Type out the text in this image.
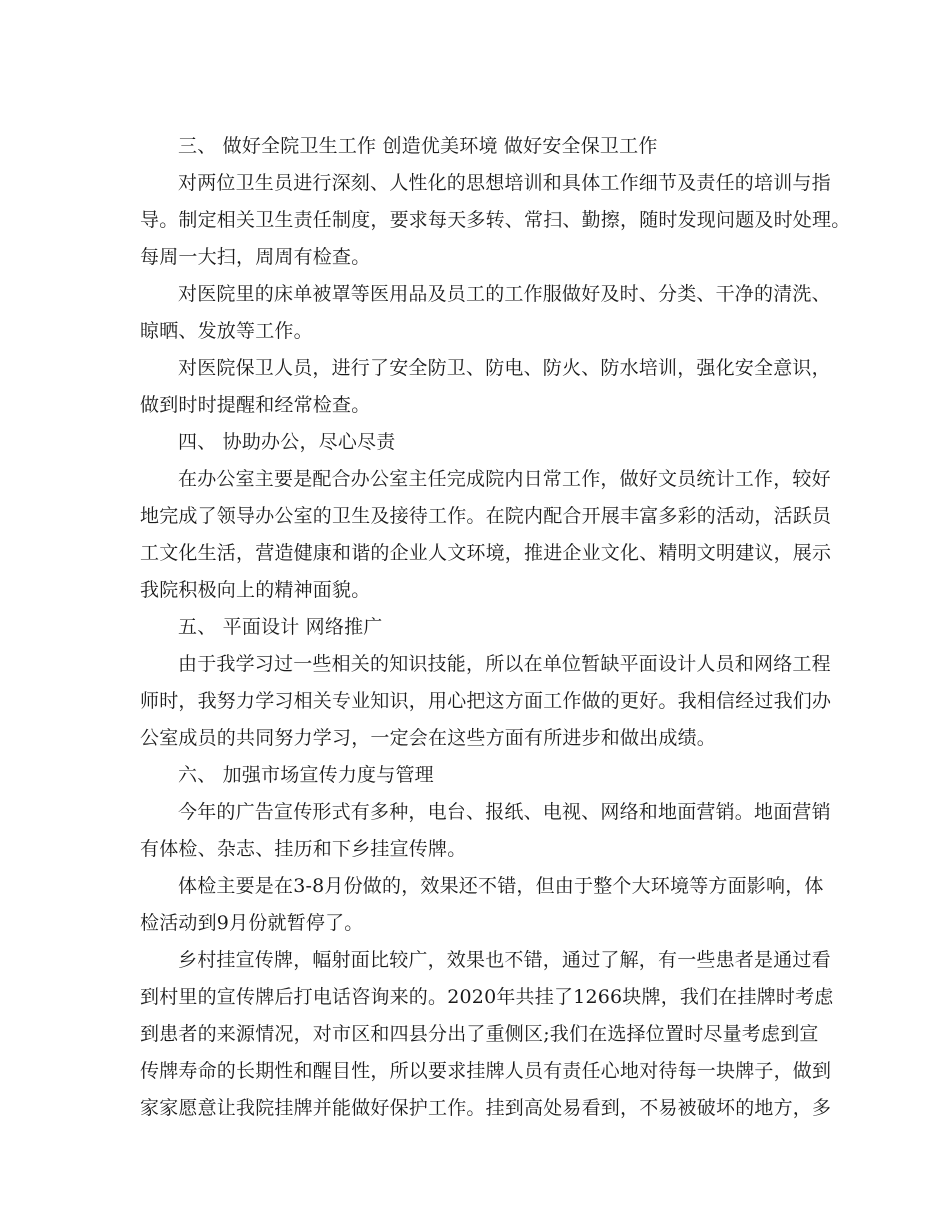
三、 做好全院卫生工作 创造优美环境 做好安全保卫工作
对两位卫生员进行深刻、人性化的思想培训和具体工作细节及责任的培训与指
导。制定相关卫生责任制度，要求每天多转、常扫、勤擦，随时发现问题及时处理。
每周一大扫，周周有检查。
对医院里的床单被罩等医用品及员工的工作服做好及时、分类、干净的清洗、
晾晒、发放等工作。
对医院保卫人员，进行了安全防卫、防电、防火、防水培训，强化安全意识，
做到时时提醒和经常检查。
四、 协助办公，尽心尽责
在办公室主要是配合办公室主任完成院内日常工作，做好文员统计工作，较好
地完成了领导办公室的卫生及接待工作。在院内配合开展丰富多彩的活动，活跃员
工文化生活，营造健康和谐的企业人文环境，推进企业文化、精明文明建议，展示
我院积极向上的精神面貌。
五、 平面设计 网络推广
由于我学习过一些相关的知识技能，所以在单位暂缺平面设计人员和网络工程
师时，我努力学习相关专业知识，用心把这方面工作做的更好。我相信经过我们办
公室成员的共同努力学习，一定会在这些方面有所进步和做出成绩。
六、 加强市场宣传力度与管理
今年的广告宣传形式有多种，电台、报纸、电视、网络和地面营销。地面营销
有体检、杂志、挂历和下乡挂宣传牌。
体检主要是在3-8月份做的，效果还不错，但由于整个大环境等方面影响，体
检活动到9月份就暂停了。
乡村挂宣传牌，幅射面比较广，效果也不错，通过了解，有一些患者是通过看
到村里的宣传牌后打电话咨询来的。2020年共挂了1266块牌，我们在挂牌时考虑
到患者的来源情况，对市区和四县分出了重侧区;我们在选择位置时尽量考虑到宣
传牌寿命的长期性和醒目性，所以要求挂牌人员有责任心地对待每一块牌子，做到
家家愿意让我院挂牌并能做好保护工作。挂到高处易看到，不易被破坏的地方，多
